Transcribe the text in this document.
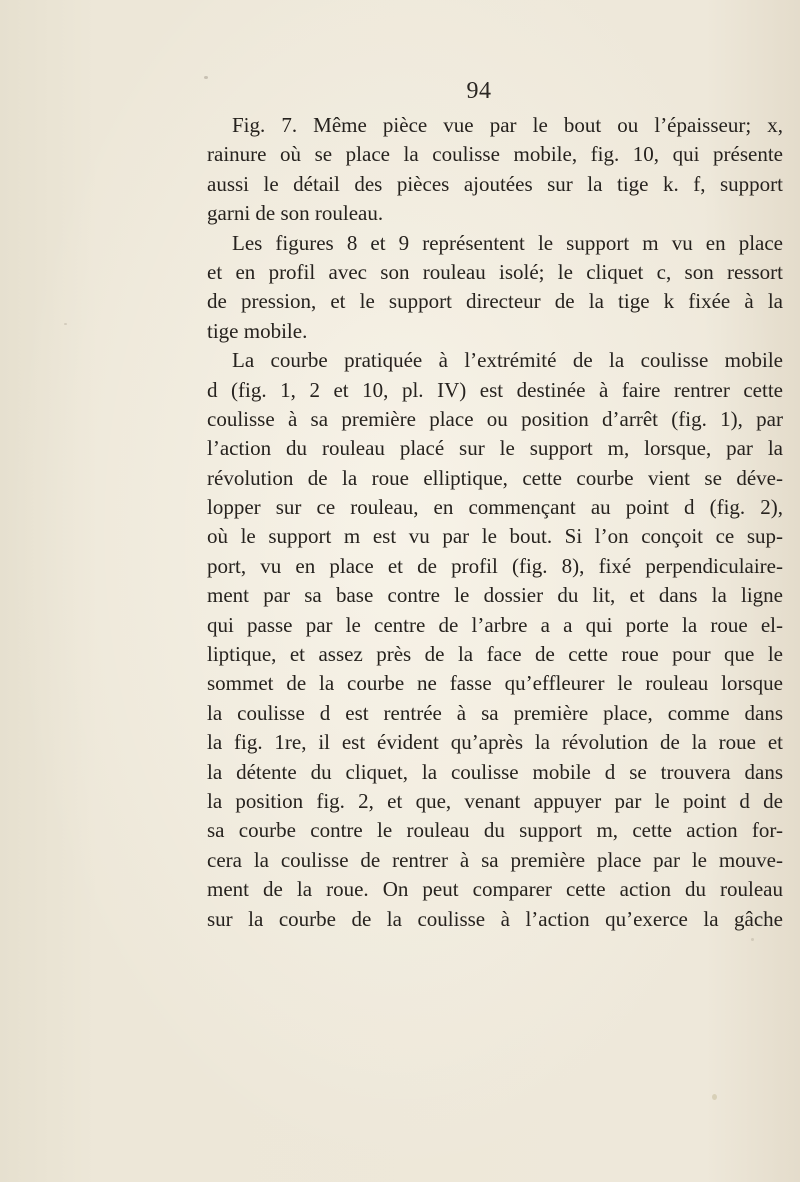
94
Fig. 7. Même pièce vue par le bout ou l’épaisseur; x,
rainure où se place la coulisse mobile, fig. 10, qui présente
aussi le détail des pièces ajoutées sur la tige k. f, support
garni de son rouleau.
Les figures 8 et 9 représentent le support m vu en place
et en profil avec son rouleau isolé; le cliquet c, son ressort
de pression, et le support directeur de la tige k fixée à la
tige mobile.
La courbe pratiquée à l’extrémité de la coulisse mobile
d (fig. 1, 2 et 10, pl. IV) est destinée à faire rentrer cette
coulisse à sa première place ou position d’arrêt (fig. 1), par
l’action du rouleau placé sur le support m, lorsque, par la
révolution de la roue elliptique, cette courbe vient se déve-
lopper sur ce rouleau, en commençant au point d (fig. 2),
où le support m est vu par le bout. Si l’on conçoit ce sup-
port, vu en place et de profil (fig. 8), fixé perpendiculaire-
ment par sa base contre le dossier du lit, et dans la ligne
qui passe par le centre de l’arbre a a qui porte la roue el-
liptique, et assez près de la face de cette roue pour que le
sommet de la courbe ne fasse qu’effleurer le rouleau lorsque
la coulisse d est rentrée à sa première place, comme dans
la fig. 1re, il est évident qu’après la révolution de la roue et
la détente du cliquet, la coulisse mobile d se trouvera dans
la position fig. 2, et que, venant appuyer par le point d de
sa courbe contre le rouleau du support m, cette action for-
cera la coulisse de rentrer à sa première place par le mouve-
ment de la roue. On peut comparer cette action du rouleau
sur la courbe de la coulisse à l’action qu’exerce la gâche
